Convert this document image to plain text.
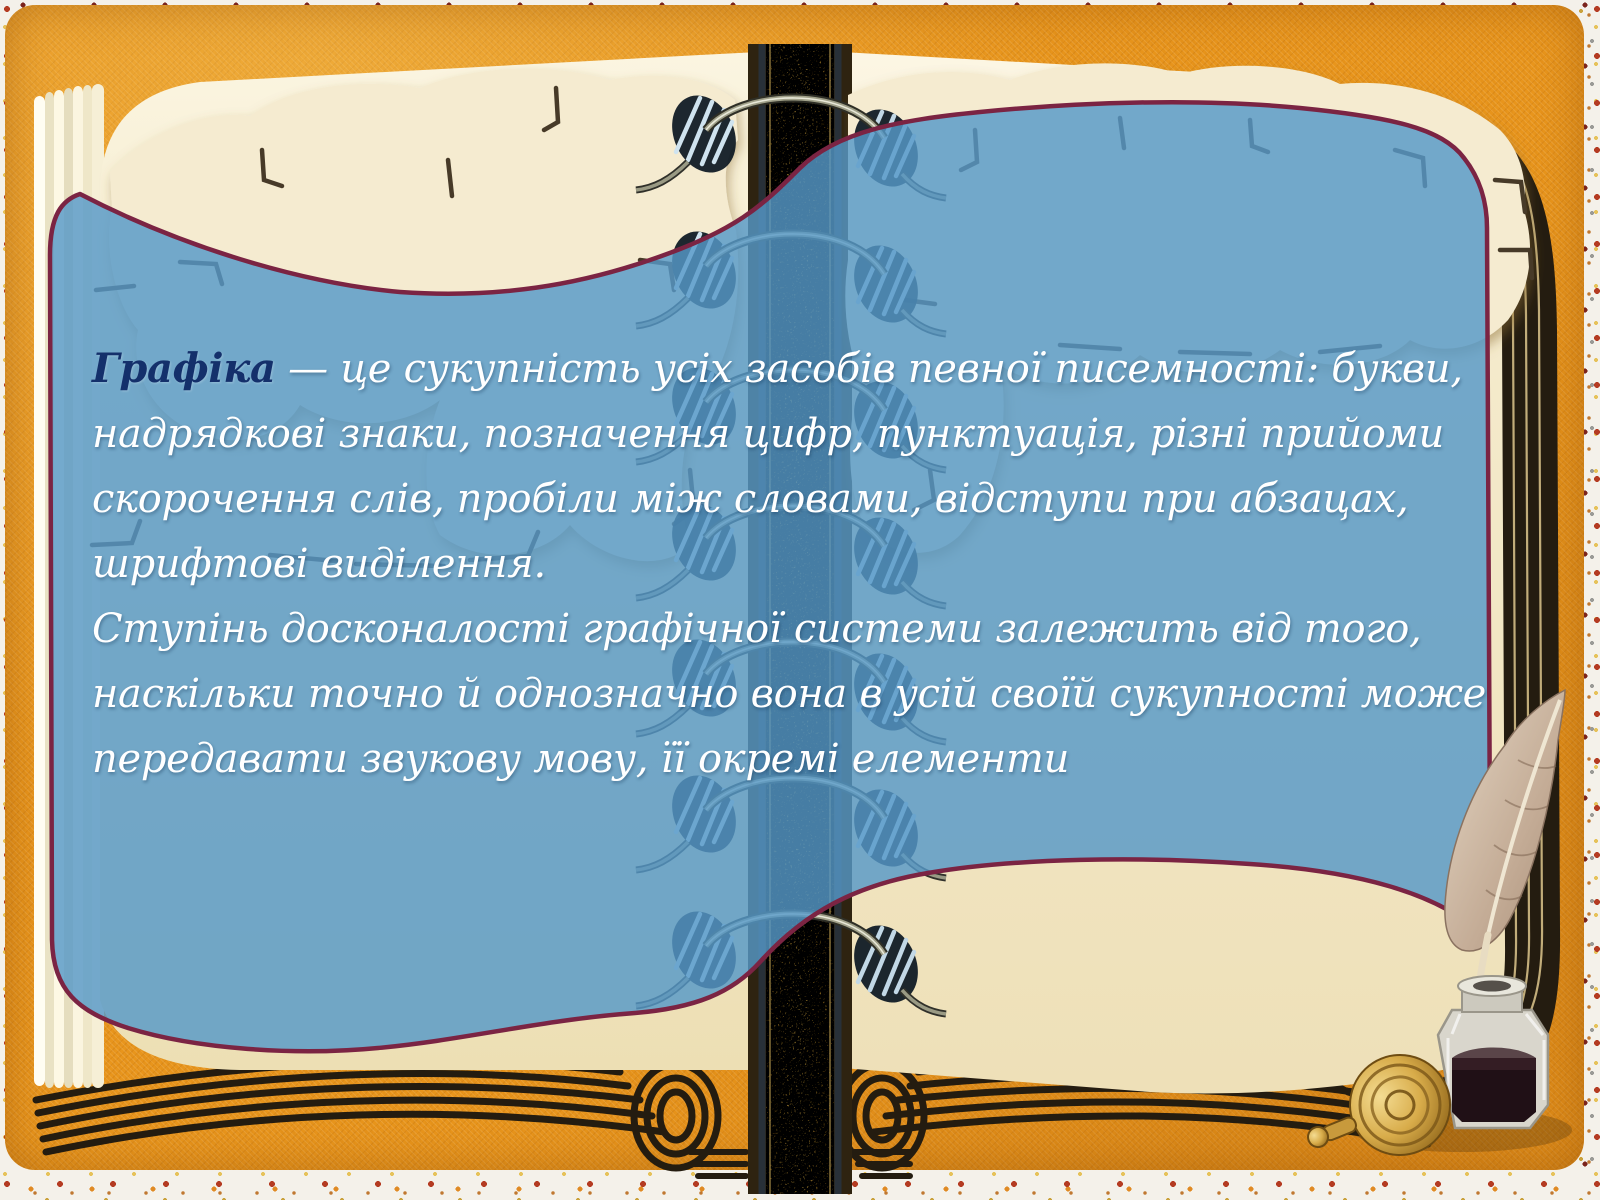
Графіка — це сукупність усіх засобів певної писемності: букви,
надрядкові знаки, позначення цифр, пунктуація, різні прийоми
скорочення слів, пробіли між словами, відступи при абзацах,
шрифтові виділення.
Ступінь досконалості графічної системи залежить від того,
наскільки точно й однозначно вона в усій своїй сукупності може
передавати звукову мову, її окремі елементи
